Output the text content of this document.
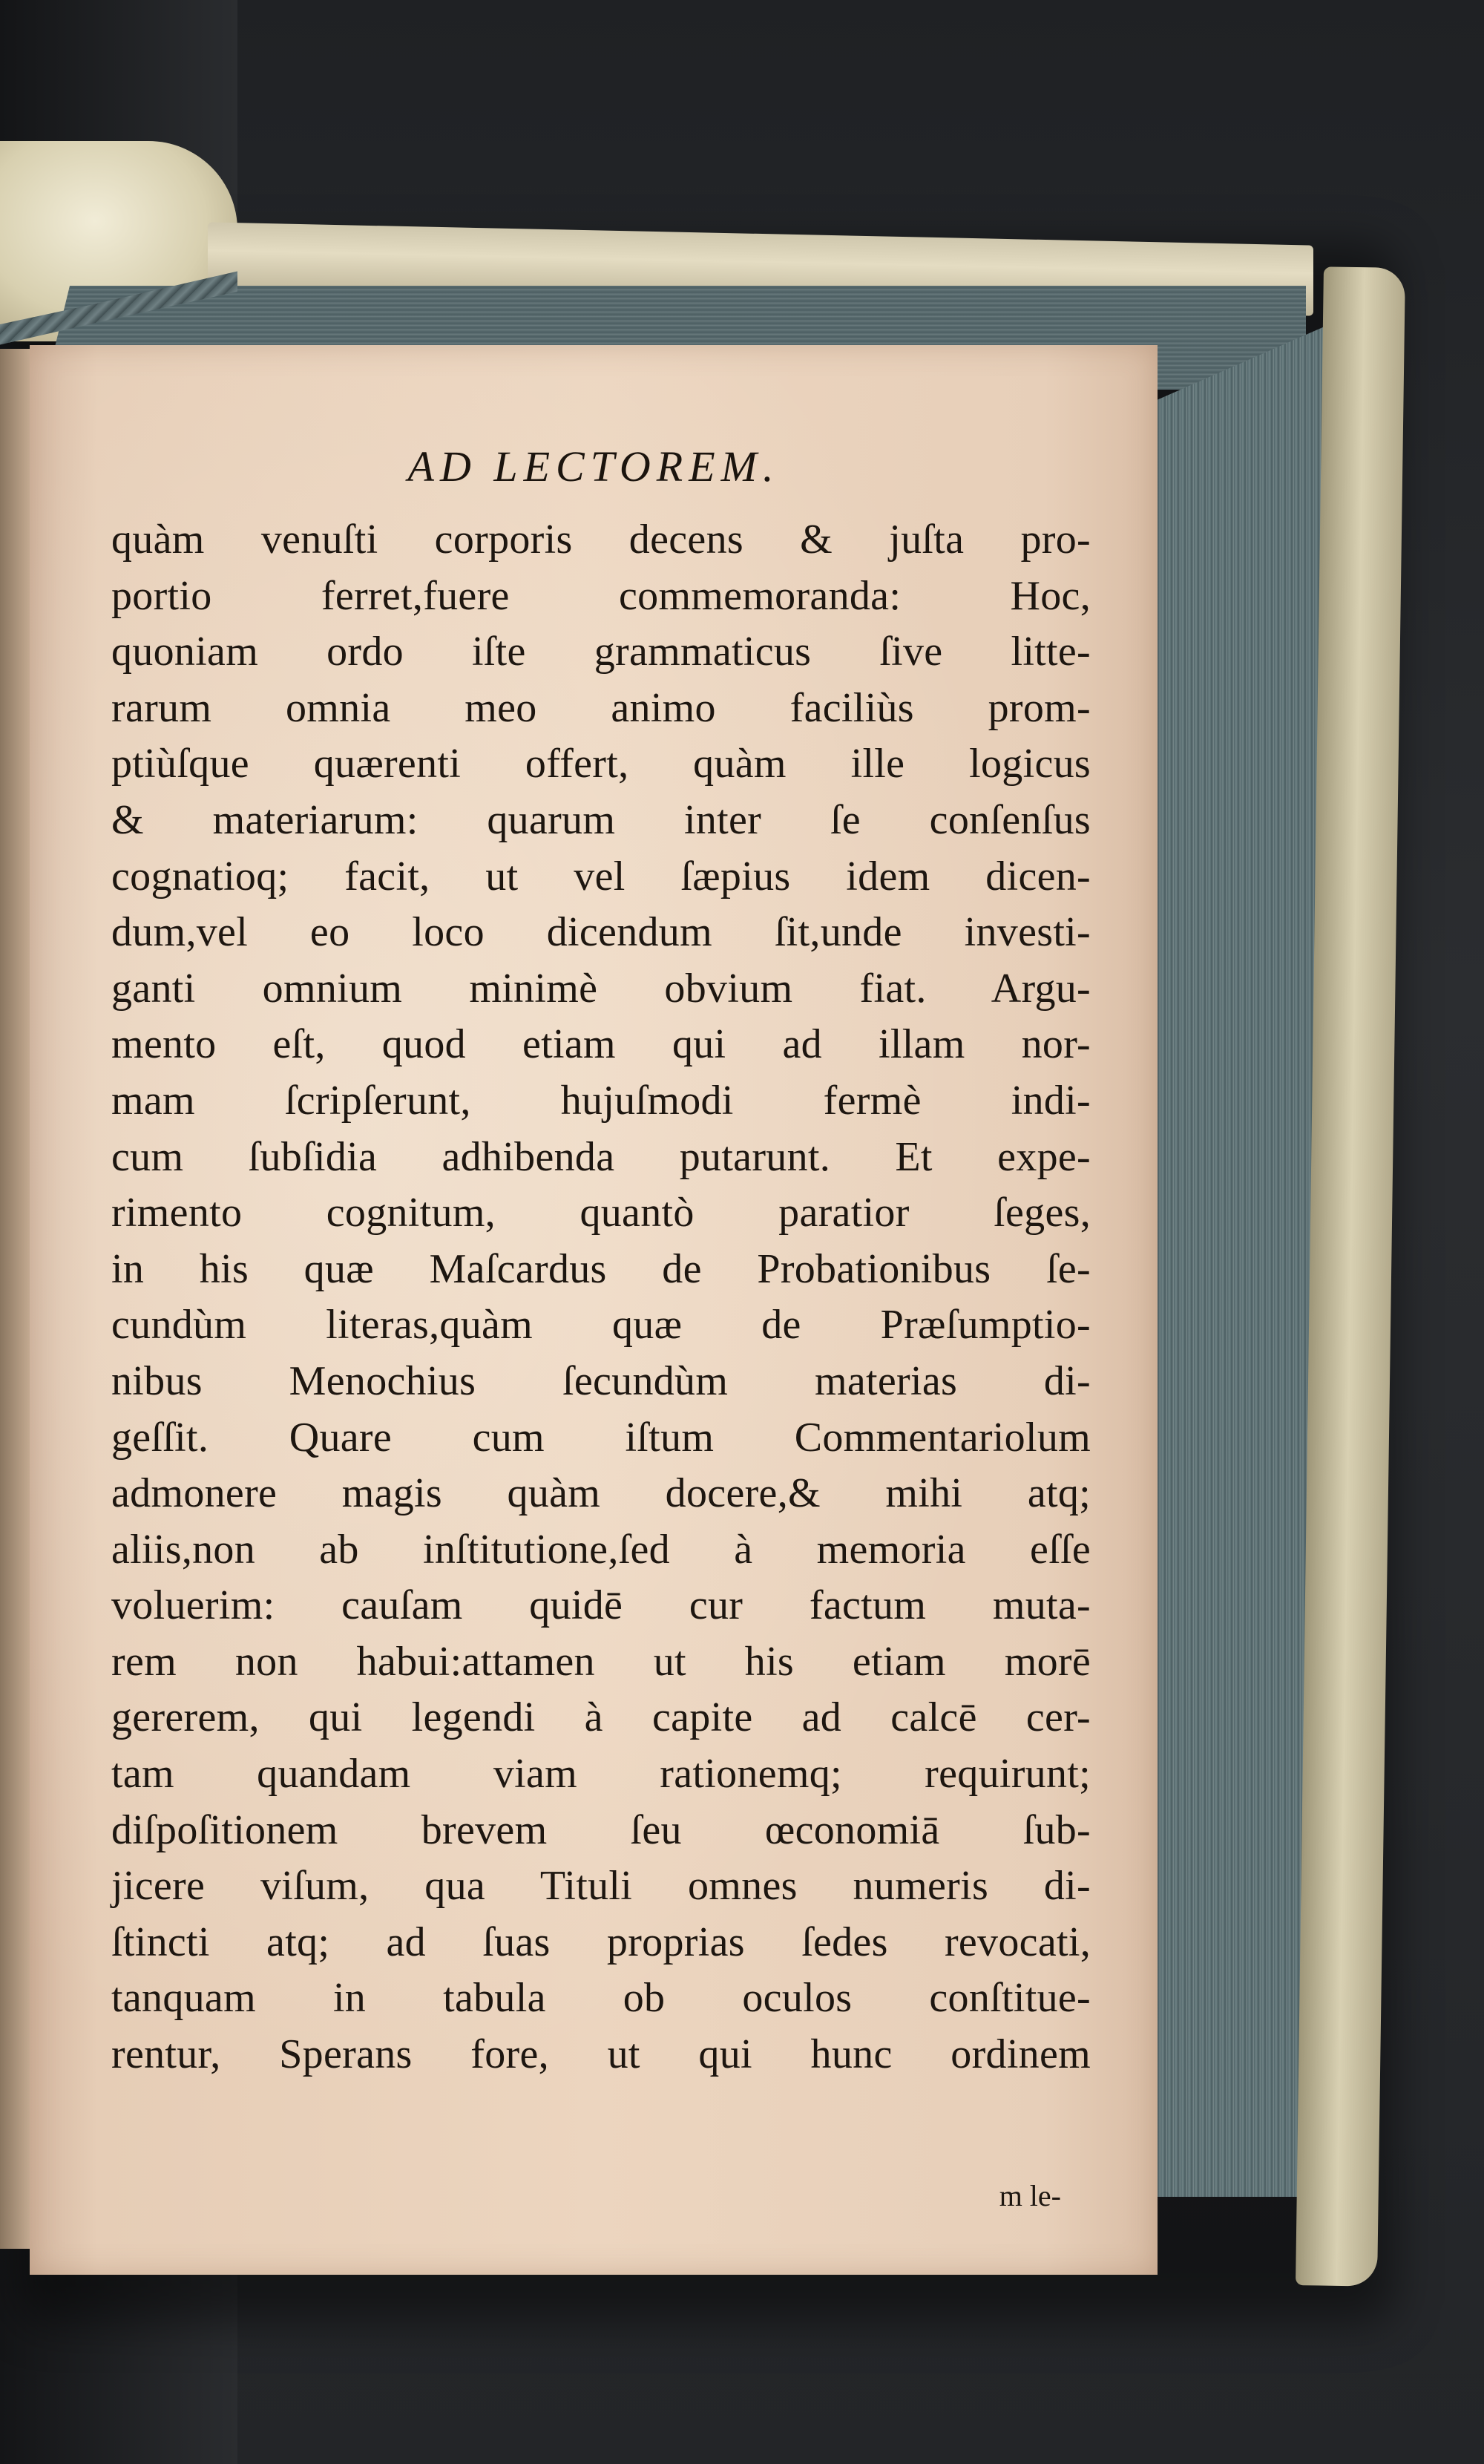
AD LECTOREM.
quàm venuſti corporis decens & juſta pro-
portio ferret,fuere commemoranda: Hoc,
quoniam ordo iſte grammaticus ſive litte-
rarum omnia meo animo faciliùs prom-
ptiùſque quærenti offert, quàm ille logicus
& materiarum: quarum inter ſe conſenſus
cognatioq; facit, ut vel ſæpius idem dicen-
dum,vel eo loco dicendum ſit,unde investi-
ganti omnium minimè obvium fiat. Argu-
mento eſt, quod etiam qui ad illam nor-
mam ſcripſerunt, hujuſmodi fermè indi-
cum ſubſidia adhibenda putarunt. Et expe-
rimento cognitum, quantò paratior ſeges,
in his quæ Maſcardus de Probationibus ſe-
cundùm literas,quàm quæ de Præſumptio-
nibus Menochius ſecundùm materias di-
geſſit. Quare cum iſtum Commentariolum
admonere magis quàm docere,& mihi atq;
aliis,non ab inſtitutione,ſed à memoria eſſe
voluerim: cauſam quidē cur factum muta-
rem non habui:attamen ut his etiam morē
gererem, qui legendi à capite ad calcē cer-
tam quandam viam rationemq; requirunt;
diſpoſitionem brevem ſeu œconomiā ſub-
jicere viſum, qua Tituli omnes numeris di-
ſtincti atq; ad ſuas proprias ſedes revocati,
tanquam in tabula ob oculos conſtitue-
rentur, Sperans fore, ut qui hunc ordinem
m le-
